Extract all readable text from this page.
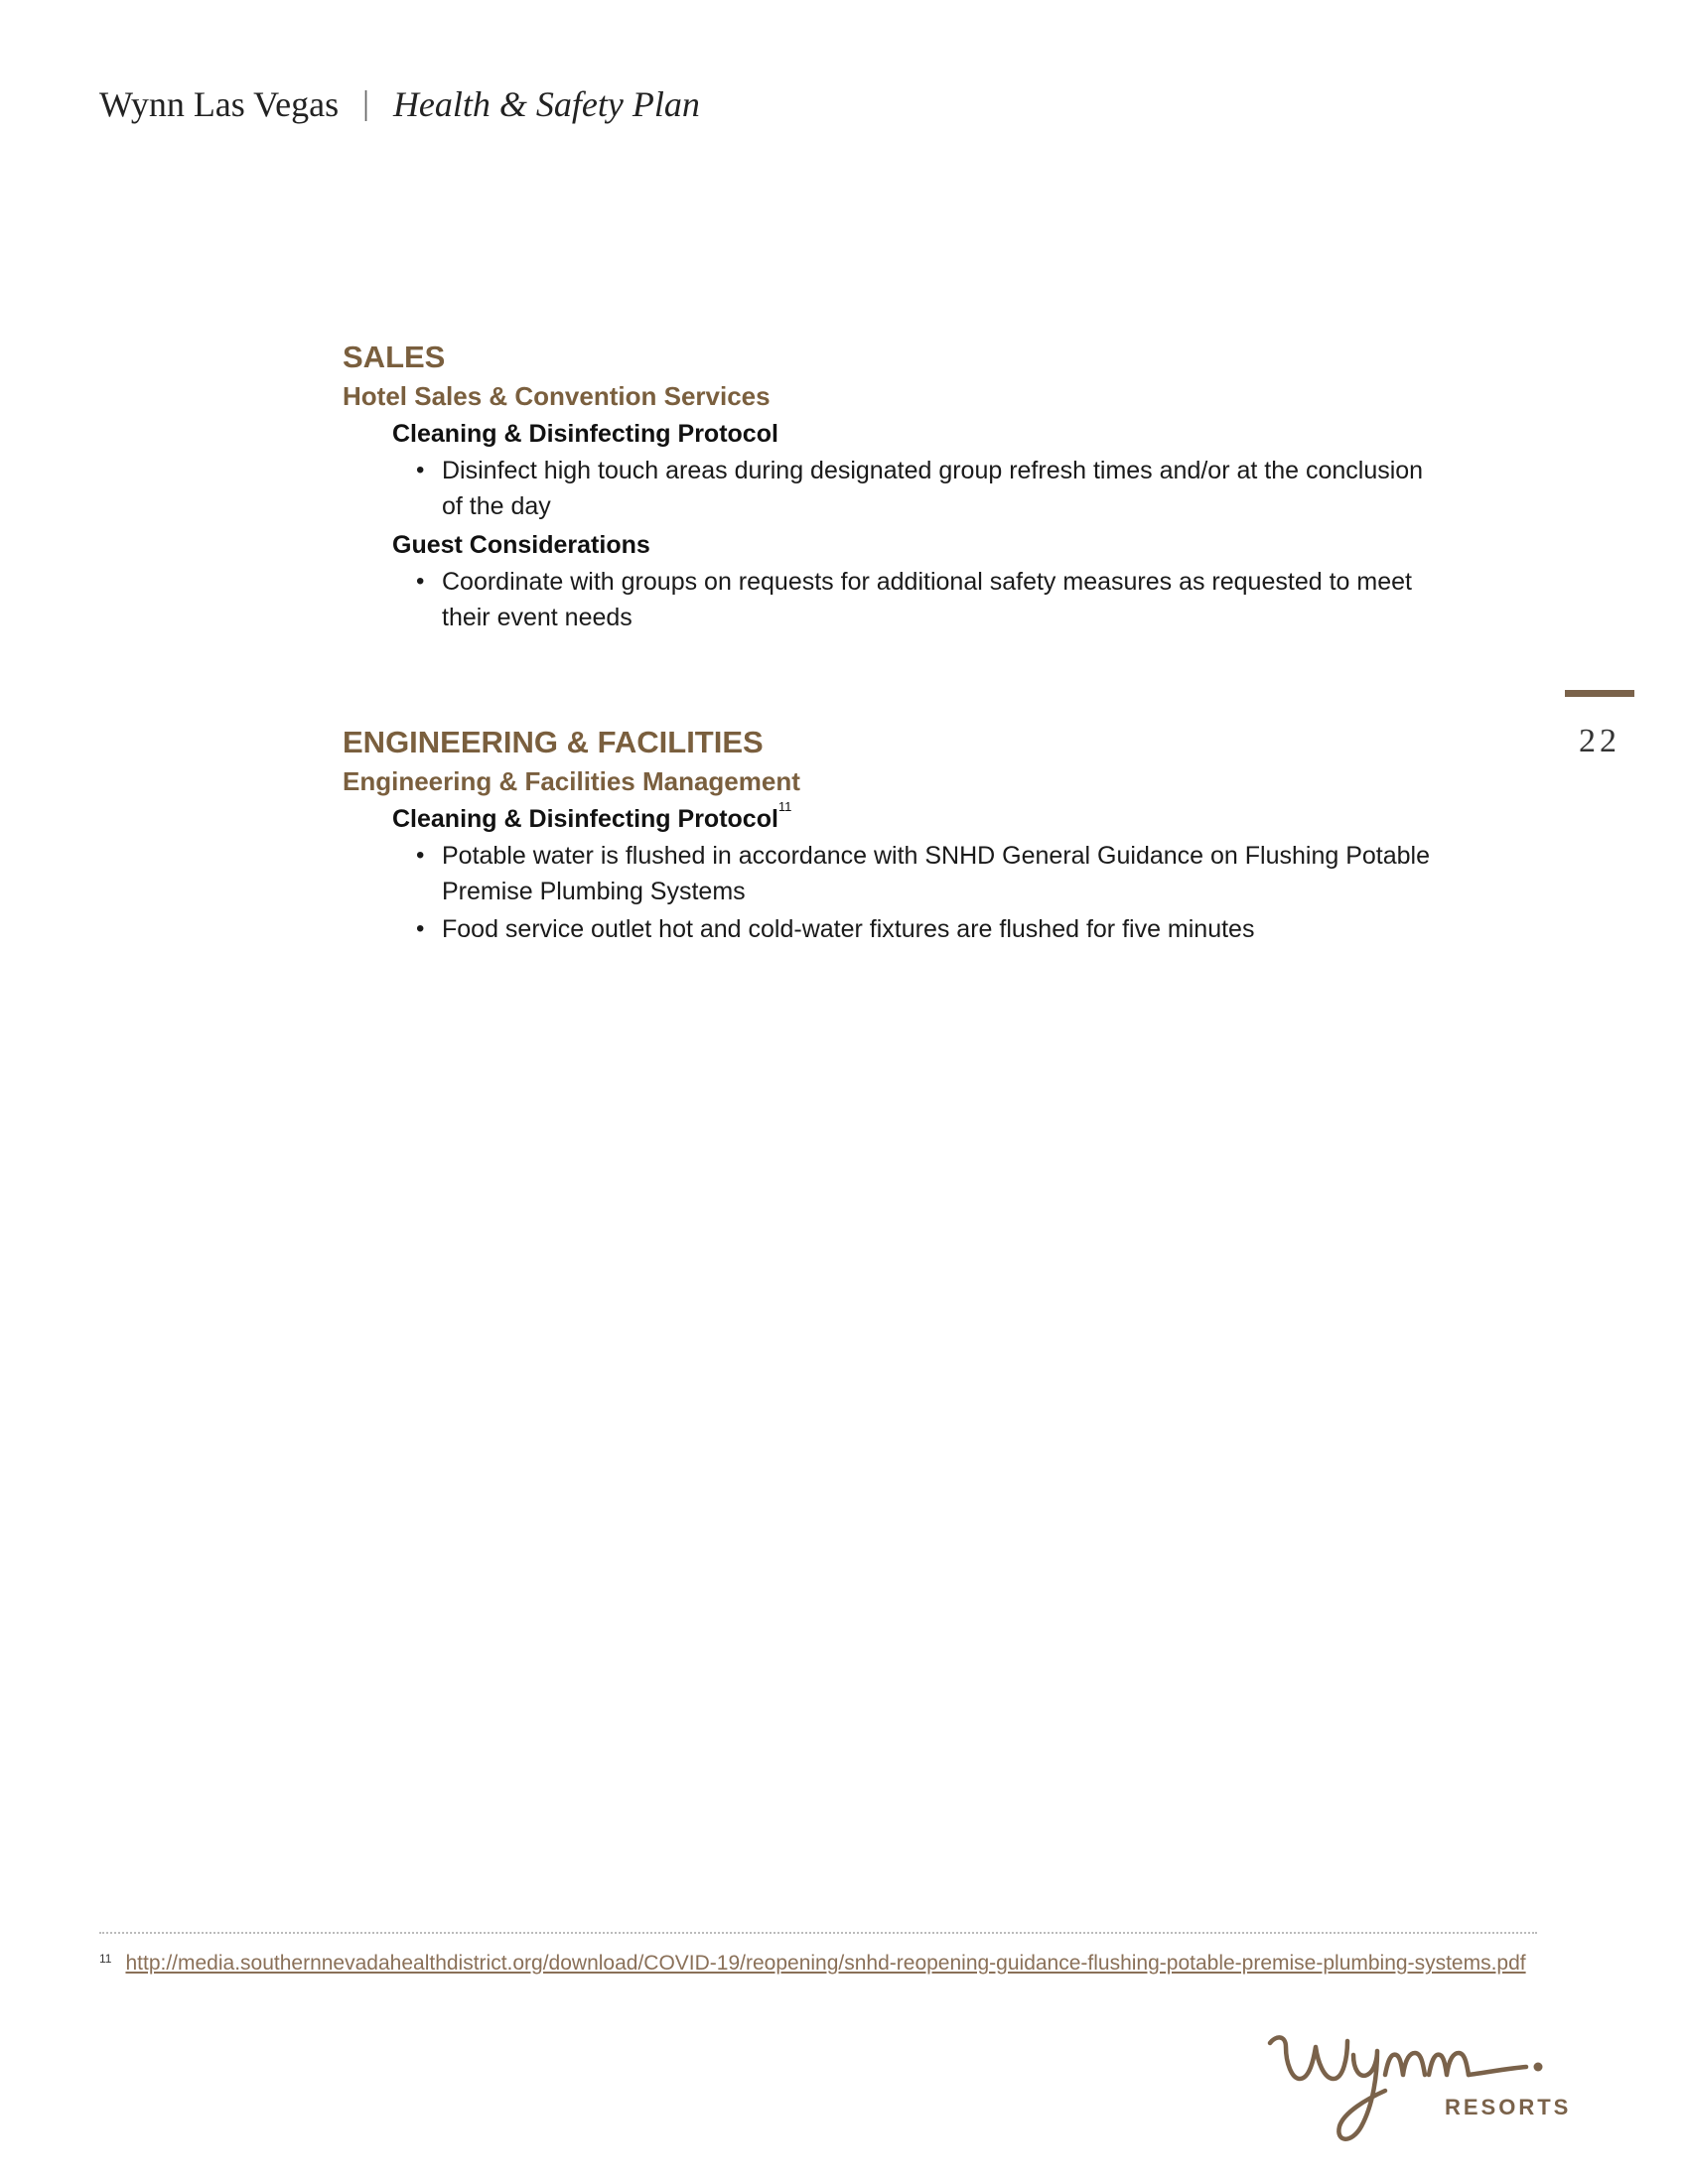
Wynn Las Vegas | Health & Safety Plan
22
SALES
Hotel Sales & Convention Services
Cleaning & Disinfecting Protocol
• Disinfect high touch areas during designated group refresh times and/or at the conclusion of the day
Guest Considerations
• Coordinate with groups on requests for additional safety measures as requested to meet their event needs
ENGINEERING & FACILITIES
Engineering & Facilities Management
Cleaning & Disinfecting Protocol$^{11}$
• Potable water is flushed in accordance with SNHD General Guidance on Flushing Potable Premise Plumbing Systems
• Food service outlet hot and cold-water fixtures are flushed for five minutes
$^{11}$ http://media.southernnevadahealthdistrict.org/download/COVID-19/reopening/snhd-reopening-guidance-flushing-potable-premise-plumbing-systems.pdf
RESORTS
